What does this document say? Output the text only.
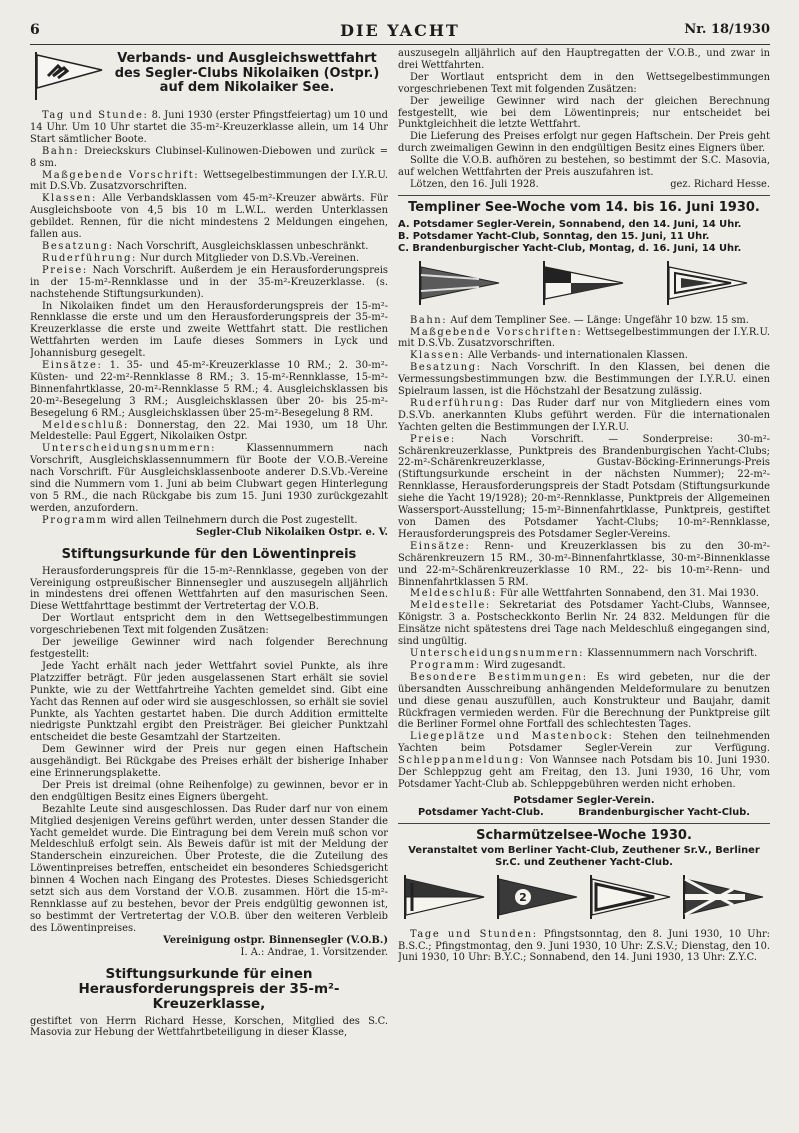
6	DIE YACHT	Nr. 18/1930
Verbands- und Ausgleichswettfahrt des Segler-Clubs Nikolaiken (Ostpr.) auf dem Nikolaiker See.

Tag und Stunde: 8. Juni 1930 (erster Pfingstfeiertag) um 10 und 14 Uhr. Um 10 Uhr startet die 35-m²-Kreuzerklasse allein, um 14 Uhr Start sämtlicher Boote.

Bahn: Dreieckskurs Clubinsel-Kulinowen-Diebowen und zurück = 8 sm.

Maßgebende Vorschrift: Wettsegelbestimmungen der I.Y.R.U. mit D.S.Vb. Zusatzvorschriften.

Klassen: Alle Verbandsklassen vom 45-m²-Kreuzer abwärts. Für Ausgleichsboote von 4,5 bis 10 m L.W.L. werden Unterklassen gebildet. Rennen, für die nicht mindestens 2 Meldungen eingehen, fallen aus.

Besatzung: Nach Vorschrift, Ausgleichsklassen unbeschränkt.

Ruderführung: Nur durch Mitglieder von D.S.Vb.-Vereinen.

Preise: Nach Vorschrift. Außerdem je ein Herausforderungspreis in der 15-m²-Rennklasse und in der 35-m²-Kreuzerklasse. (s. nachstehende Stiftungsurkunden).

In Nikolaiken findet um den Herausforderungspreis der 15-m²-Rennklasse die erste und um den Herausforderungspreis der 35-m²-Kreuzerklasse die erste und zweite Wettfahrt statt. Die restlichen Wettfahrten werden im Laufe dieses Sommers in Lyck und Johannisburg gesegelt.

Einsätze: 1. 35- und 45-m²-Kreuzerklasse 10 RM.; 2. 30-m²-Küsten- und 22-m²-Rennklasse 8 RM.; 3. 15-m²-Rennklasse, 15-m²-Binnenfahrtklasse, 20-m²-Rennklasse 5 RM.; 4. Ausgleichsklassen bis 20-m²-Besegelung 3 RM.; Ausgleichsklassen über 20- bis 25-m²-Besegelung 6 RM.; Ausgleichsklassen über 25-m²-Besegelung 8 RM.

Meldeschluß: Donnerstag, den 22. Mai 1930, um 18 Uhr. Meldestelle: Paul Eggert, Nikolaiken Ostpr.

Unterscheidungsnummern: Klassennummern nach Vorschrift, Ausgleichsklassennummern für Boote der V.O.B.-Vereine nach Vorschrift. Für Ausgleichsklassenboote anderer D.S.Vb.-Vereine sind die Nummern vom 1. Juni ab beim Clubwart gegen Hinterlegung von 5 RM., die nach Rückgabe bis zum 15. Juni 1930 zurückgezahlt werden, anzufordern.

Programm wird allen Teilnehmern durch die Post zugestellt.

Segler-Club Nikolaiken Ostpr. e. V.

Stiftungsurkunde für den Löwentinpreis

Herausforderungspreis für die 15-m²-Rennklasse, gegeben von der Vereinigung ostpreußischer Binnensegler und auszusegeln alljährlich in mindestens drei offenen Wettfahrten auf den masurischen Seen. Diese Wettfahrttage bestimmt der Vertretertag der V.O.B.

Der Wortlaut entspricht dem in den Wettsegelbestimmungen vorgeschriebenen Text mit folgenden Zusätzen:

Der jeweilige Gewinner wird nach folgender Berechnung festgestellt:

Jede Yacht erhält nach jeder Wettfahrt soviel Punkte, als ihre Platzziffer beträgt. Für jeden ausgelassenen Start erhält sie soviel Punkte, wie zu der Wettfahrtreihe Yachten gemeldet sind. Gibt eine Yacht das Rennen auf oder wird sie ausgeschlossen, so erhält sie soviel Punkte, als Yachten gestartet haben. Die durch Addition ermittelte niedrigste Punktzahl ergibt den Preisträger. Bei gleicher Punktzahl entscheidet die beste Gesamtzahl der Startzeiten.

Dem Gewinner wird der Preis nur gegen einen Haftschein ausgehändigt. Bei Rückgabe des Preises erhält der bisherige Inhaber eine Erinnerungsplakette.

Der Preis ist dreimal (ohne Reihenfolge) zu gewinnen, bevor er in den endgültigen Besitz eines Eigners übergeht.

Bezahlte Leute sind ausgeschlossen. Das Ruder darf nur von einem Mitglied desjenigen Vereins geführt werden, unter dessen Stander die Yacht gemeldet wurde. Die Eintragung bei dem Verein muß schon vor Meldeschluß erfolgt sein. Als Beweis dafür ist mit der Meldung der Standerschein einzureichen. Über Proteste, die die Zuteilung des Löwentinpreises betreffen, entscheidet ein besonderes Schiedsgericht binnen 4 Wochen nach Eingang des Protestes. Dieses Schiedsgericht setzt sich aus dem Vorstand der V.O.B. zusammen. Hört die 15-m²-Rennklasse auf zu bestehen, bevor der Preis endgültig gewonnen ist, so bestimmt der Vertretertag der V.O.B. über den weiteren Verbleib des Löwentinpreises.

Vereinigung ostpr. Binnensegler (V.O.B.)

I. A.: Andrae, 1. Vorsitzender.

Stiftungsurkunde für einen Herausforderungspreis der 35-m²-Kreuzerklasse,

gestiftet von Herrn Richard Hesse, Korschen, Mitglied des S.C. Masovia zur Hebung der Wettfahrtbeteiligung in dieser Klasse,

auszusegeln alljährlich auf den Hauptregatten der V.O.B., und zwar in drei Wettfahrten.

Der Wortlaut entspricht dem in den Wettsegelbestimmungen vorgeschriebenen Text mit folgenden Zusätzen:

Der jeweilige Gewinner wird nach der gleichen Berechnung festgestellt, wie bei dem Löwentinpreis; nur entscheidet bei Punktgleichheit die letzte Wettfahrt.

Die Lieferung des Preises erfolgt nur gegen Haftschein. Der Preis geht durch zweimaligen Gewinn in den endgültigen Besitz eines Eigners über.

Sollte die V.O.B. aufhören zu bestehen, so bestimmt der S.C. Masovia, auf welchen Wettfahrten der Preis auszufahren ist.

Lötzen, den 16. Juli 1928.	gez. Richard Hesse.

Templiner See-Woche vom 14. bis 16. Juni 1930.

A. Potsdamer Segler-Verein, Sonnabend, den 14. Juni, 14 Uhr.

B. Potsdamer Yacht-Club, Sonntag, den 15. Juni, 11 Uhr.

C. Brandenburgischer Yacht-Club, Montag, d. 16. Juni, 14 Uhr.

Bahn: Auf dem Templiner See. — Länge: Ungefähr 10 bzw. 15 sm.

Maßgebende Vorschriften: Wettsegelbestimmungen der I.Y.R.U. mit D.S.Vb. Zusatzvorschriften.

Klassen: Alle Verbands- und internationalen Klassen.

Besatzung: Nach Vorschrift. In den Klassen, bei denen die Vermessungsbestimmungen bzw. die Bestimmungen der I.Y.R.U. einen Spielraum lassen, ist die Höchstzahl der Besatzung zulässig.

Ruderführung: Das Ruder darf nur von Mitgliedern eines vom D.S.Vb. anerkannten Klubs geführt werden. Für die internationalen Yachten gelten die Bestimmungen der I.Y.R.U.

Preise: Nach Vorschrift. — Sonderpreise: 30-m²-Schärenkreuzerklasse, Punktpreis des Brandenburgischen Yacht-Clubs; 22-m²-Schärenkreuzerklasse, Gustav-Böcking-Erinnerungs-Preis (Stiftungsurkunde erscheint in der nächsten Nummer); 22-m²-Rennklasse, Herausforderungspreis der Stadt Potsdam (Stiftungsurkunde siehe die Yacht 19/1928); 20-m²-Rennklasse, Punktpreis der Allgemeinen Wassersport-Ausstellung; 15-m²-Binnenfahrtklasse, Punktpreis, gestiftet von Damen des Potsdamer Yacht-Clubs; 10-m²-Rennklasse, Herausforderungspreis des Potsdamer Segler-Vereins.

Einsätze: Renn- und Kreuzerklassen bis zu den 30-m²-Schärenkreuzern 15 RM., 30-m²-Binnenfahrtklasse, 30-m²-Binnenklasse und 22-m²-Schärenkreuzerklasse 10 RM., 22- bis 10-m²-Renn- und Binnenfahrtklassen 5 RM.

Meldeschluß: Für alle Wettfahrten Sonnabend, den 31. Mai 1930.

Meldestelle: Sekretariat des Potsdamer Yacht-Clubs, Wannsee, Königstr. 3 a. Postscheckkonto Berlin Nr. 24 832. Meldungen für die Einsätze nicht spätestens drei Tage nach Meldeschluß eingegangen sind, sind ungültig.

Unterscheidungsnummern: Klassennummern nach Vorschrift.

Programm: Wird zugesandt.

Besondere Bestimmungen: Es wird gebeten, nur die der übersandten Ausschreibung anhängenden Meldeformulare zu benutzen und diese genau auszufüllen, auch Konstrukteur und Baujahr, damit Rückfragen vermieden werden. Für die Berechnung der Punktpreise gilt die Berliner Formel ohne Fortfall des schlechtesten Tages.

Liegeplätze und Mastenbock: Stehen den teilnehmenden Yachten beim Potsdamer Segler-Verein zur Verfügung. Schleppanmeldung: Von Wannsee nach Potsdam bis 10. Juni 1930. Der Schleppzug geht am Freitag, den 13. Juni 1930, 16 Uhr, vom Potsdamer Yacht-Club ab. Schleppgebühren werden nicht erhoben.

Potsdamer Segler-Verein.
Potsdamer Yacht-Club.	Brandenburgischer Yacht-Club.
Scharmützelsee-Woche 1930.

Veranstaltet vom Berliner Yacht-Club, Zeuthener Sr.V., Berliner Sr.C. und Zeuthener Yacht-Club.

2

Tage und Stunden: Pfingstsonntag, den 8. Juni 1930, 10 Uhr: B.S.C.; Pfingstmontag, den 9. Juni 1930, 10 Uhr: Z.S.V.; Dienstag, den 10. Juni 1930, 10 Uhr: B.Y.C.; Sonnabend, den 14. Juni 1930, 13 Uhr: Z.Y.C.
